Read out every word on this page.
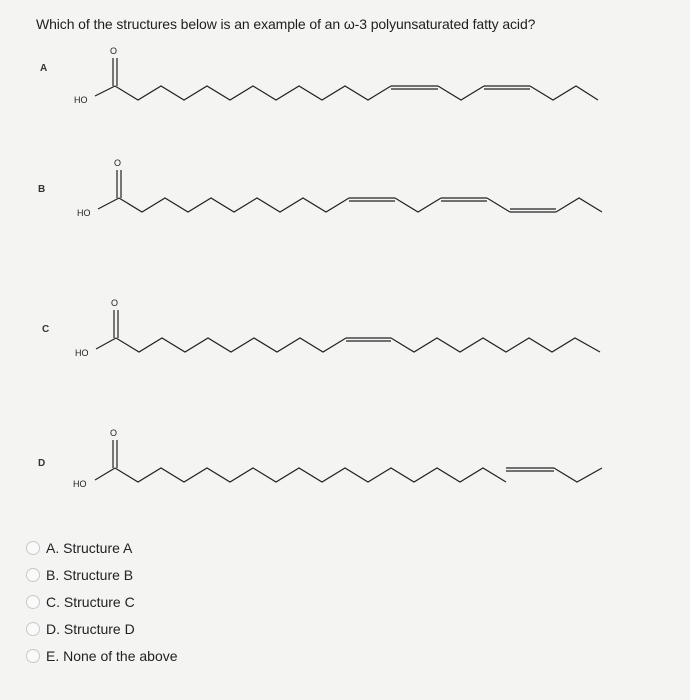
Which of the structures below is an example of an ω-3 polyunsaturated fatty acid?
A
O
HO
B
O
HO
C
O
HO
D
O
HO
A. Structure A
B. Structure B
C. Structure C
D. Structure D
E. None of the above
